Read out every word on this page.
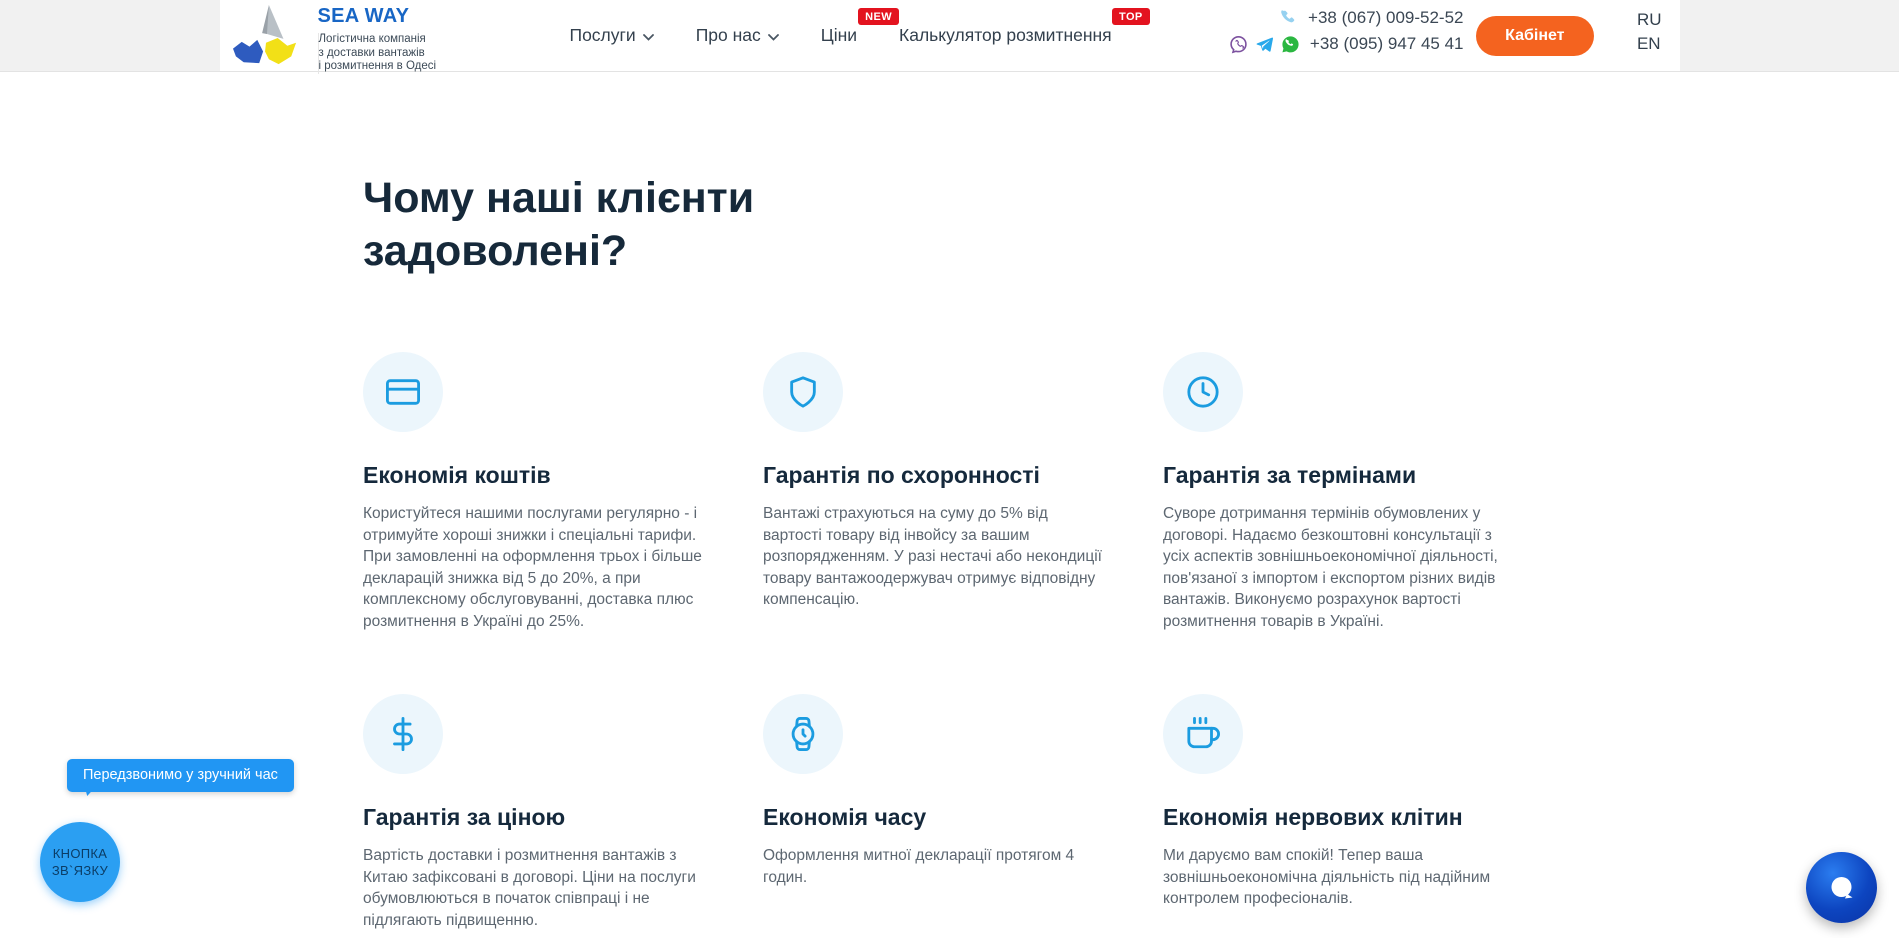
SEA WAY
Логістична компанія
з доставки вантажів
і розмитнення в Одесі
Послуги	Про нас	Ціни
NEW
Калькулятор розмитнення
TOP	+38 (067) 009-52-52
+38 (095) 947 45 41	Кабінет
RU
EN
Чому наші клієнти задоволені?
Економія коштів

Користуйтеся нашими послугами регулярно - і отримуйте хороші знижки і спеціальні тарифи. При замовленні на оформлення трьох і більше декларацій знижка від 5 до 20%, а при комплексному обслуговуванні, доставка плюс розмитнення в Україні до 25%.

Гарантія по схоронності

Вантажі страхуються на суму до 5% від вартості товару від інвойсу за вашим розпорядженням. У разі нестачі або некондиції товару вантажоодержувач отримує відповідну компенсацію.

Гарантія за термінами

Суворе дотримання термінів обумовлених у договорі. Надаємо безкоштовні консультації з усіх аспектів зовнішньоекономічної діяльності, пов'язаної з імпортом і експортом різних видів вантажів. Виконуємо розрахунок вартості розмитнення товарів в Україні.

Гарантія за ціною

Вартість доставки і розмитнення вантажів з Китаю зафіксовані в договорі. Ціни на послуги обумовлюються в початок співпраці і не підлягають підвищенню.

Економія часу

Оформлення митної декларації протягом 4 годин.

Економія нервових клітин

Ми даруємо вам спокій! Тепер ваша зовнішньоекономічна діяльність під надійним контролем професіоналів.

Передзвонимо у зручний час
КНОПКА
ЗВ`ЯЗКУ
